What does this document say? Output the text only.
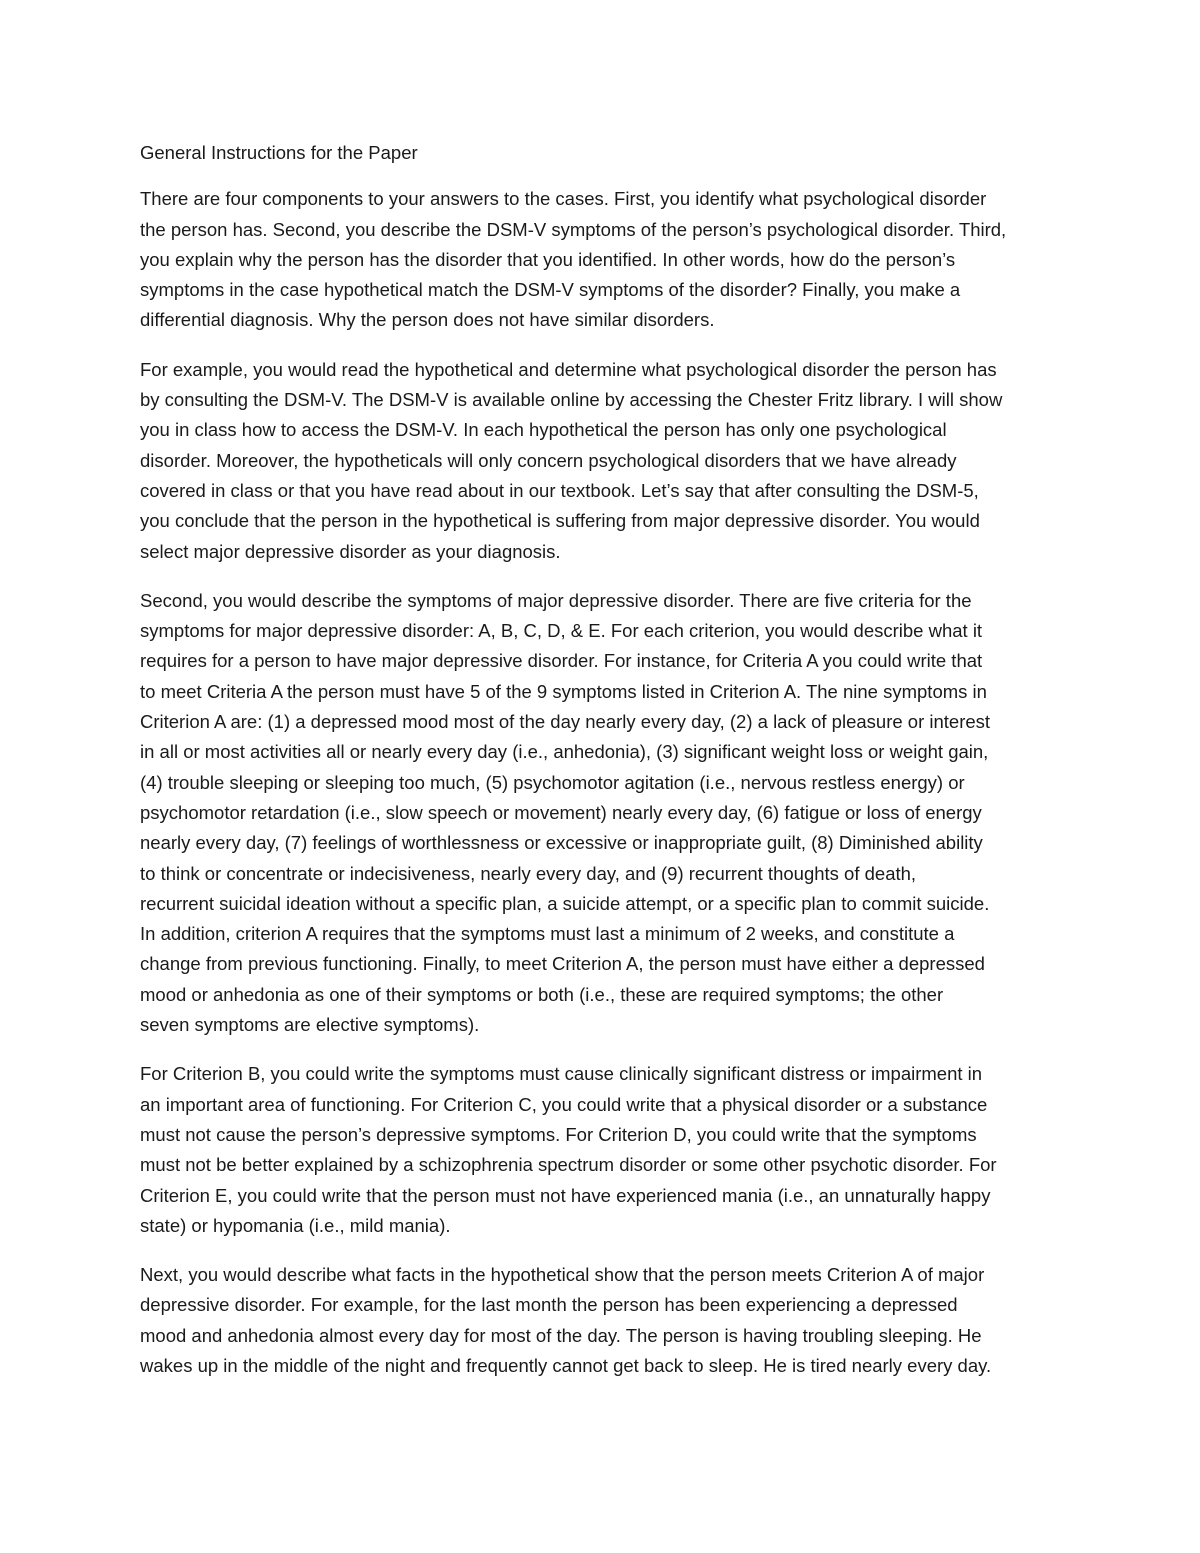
General Instructions for the Paper

There are four components to your answers to the cases. First, you identify what psychological disorder
the person has. Second, you describe the DSM-V symptoms of the person’s psychological disorder. Third,
you explain why the person has the disorder that you identified. In other words, how do the person’s
symptoms in the case hypothetical match the DSM-V symptoms of the disorder? Finally, you make a
differential diagnosis. Why the person does not have similar disorders.

For example, you would read the hypothetical and determine what psychological disorder the person has
by consulting the DSM-V. The DSM-V is available online by accessing the Chester Fritz library. I will show
you in class how to access the DSM-V. In each hypothetical the person has only one psychological
disorder. Moreover, the hypotheticals will only concern psychological disorders that we have already
covered in class or that you have read about in our textbook. Let’s say that after consulting the DSM-5,
you conclude that the person in the hypothetical is suffering from major depressive disorder. You would
select major depressive disorder as your diagnosis.

Second, you would describe the symptoms of major depressive disorder. There are five criteria for the
symptoms for major depressive disorder: A, B, C, D, & E. For each criterion, you would describe what it
requires for a person to have major depressive disorder. For instance, for Criteria A you could write that
to meet Criteria A the person must have 5 of the 9 symptoms listed in Criterion A. The nine symptoms in
Criterion A are: (1) a depressed mood most of the day nearly every day, (2) a lack of pleasure or interest
in all or most activities all or nearly every day (i.e., anhedonia), (3) significant weight loss or weight gain,
(4) trouble sleeping or sleeping too much, (5) psychomotor agitation (i.e., nervous restless energy) or
psychomotor retardation (i.e., slow speech or movement) nearly every day, (6) fatigue or loss of energy
nearly every day, (7) feelings of worthlessness or excessive or inappropriate guilt, (8) Diminished ability
to think or concentrate or indecisiveness, nearly every day, and (9) recurrent thoughts of death,
recurrent suicidal ideation without a specific plan, a suicide attempt, or a specific plan to commit suicide.
In addition, criterion A requires that the symptoms must last a minimum of 2 weeks, and constitute a
change from previous functioning. Finally, to meet Criterion A, the person must have either a depressed
mood or anhedonia as one of their symptoms or both (i.e., these are required symptoms; the other
seven symptoms are elective symptoms).

For Criterion B, you could write the symptoms must cause clinically significant distress or impairment in
an important area of functioning. For Criterion C, you could write that a physical disorder or a substance
must not cause the person’s depressive symptoms. For Criterion D, you could write that the symptoms
must not be better explained by a schizophrenia spectrum disorder or some other psychotic disorder. For
Criterion E, you could write that the person must not have experienced mania (i.e., an unnaturally happy
state) or hypomania (i.e., mild mania).

Next, you would describe what facts in the hypothetical show that the person meets Criterion A of major
depressive disorder. For example, for the last month the person has been experiencing a depressed
mood and anhedonia almost every day for most of the day. The person is having troubling sleeping. He
wakes up in the middle of the night and frequently cannot get back to sleep. He is tired nearly every day.
